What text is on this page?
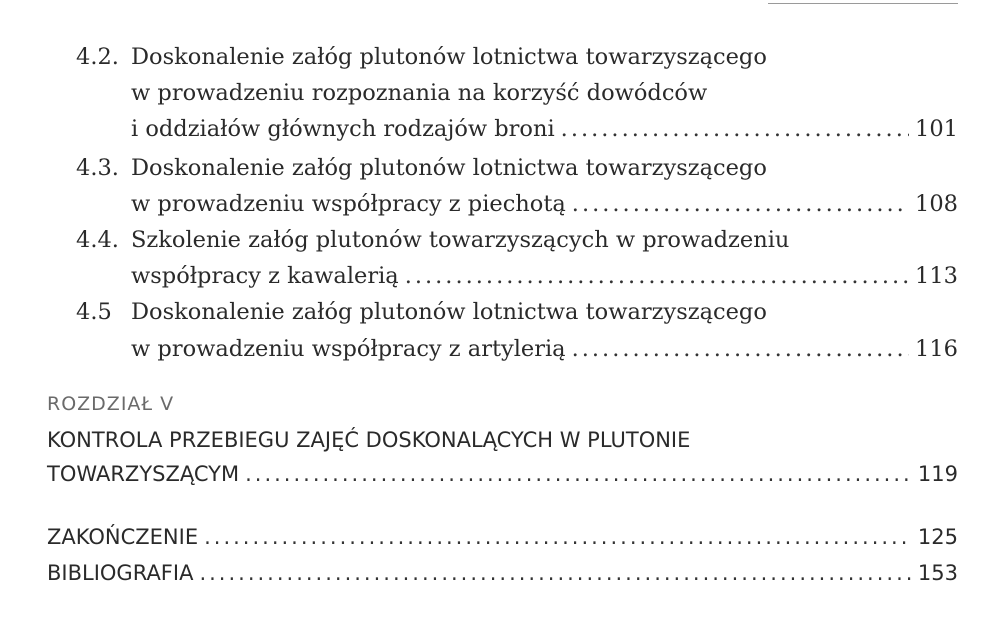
4.2. Doskonalenie załóg plutonów lotnictwa towarzyszącego
w prowadzeniu rozpoznania na korzyść dowódców
i oddziałów głównych rodzajów broni .....	101
4.3. Doskonalenie załóg plutonów lotnictwa towarzyszącego
w prowadzeniu współpracy z piechotą .....	108
4.4. Szkolenie załóg plutonów towarzyszących w prowadzeniu
współpracy z kawalerią .....	113
4.5 Doskonalenie załóg plutonów lotnictwa towarzyszącego
w prowadzeniu współpracy z artylerią .....	116
ROZDZIAŁ V
KONTROLA PRZEBIEGU ZAJĘĆ DOSKONALĄCYCH W PLUTONIE
TOWARZYSZĄCYM .....	119
ZAKOŃCZENIE .....	125
BIBLIOGRAFIA .....	153
